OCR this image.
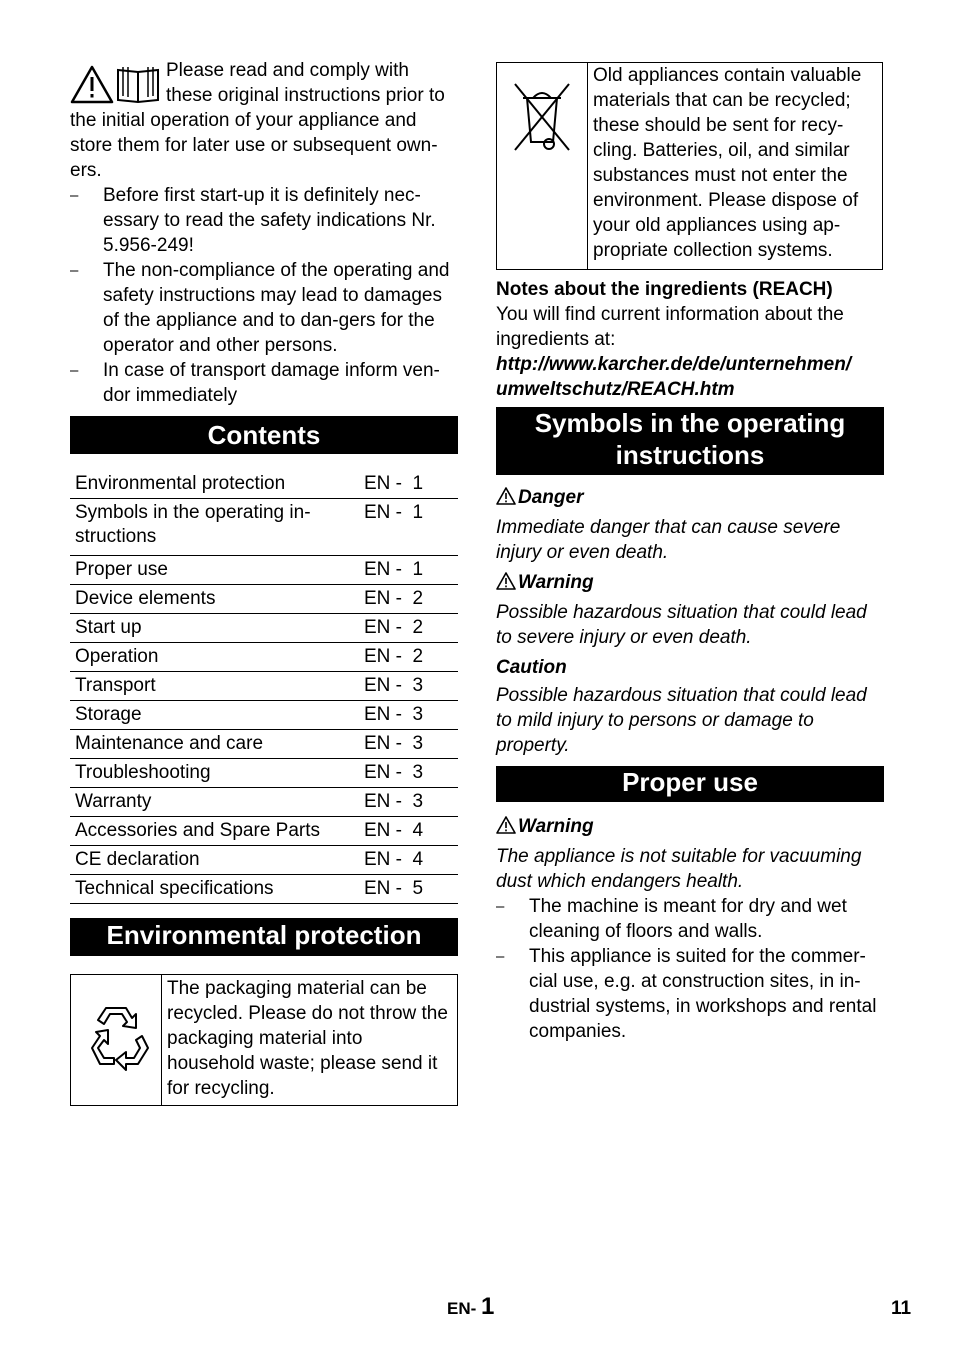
Please read and comply with these original instructions prior to the initial operation of your appliance and store them for later use or subsequent own-ers.

– Before first start-up it is definitely nec-essary to read the safety indications Nr. 5.956-249!
– The non-compliance of the operating and safety instructions may lead to damages of the appliance and to dan-gers for the operator and other persons.
– In case of transport damage inform ven-dor immediately
Contents
Environmental protection	EN -  1
Symbols in the operating in-structions	EN -  1
Proper use	EN -  1
Device elements	EN -  2
Start up	EN -  2
Operation	EN -  2
Transport	EN -  3
Storage	EN -  3
Maintenance and care	EN -  3
Troubleshooting	EN -  3
Warranty	EN -  3
Accessories and Spare Parts	EN -  4
CE declaration	EN -  4
Technical specifications	EN -  5
Environmental protection
	The packaging material can be recycled. Please do not throw the packaging material into household waste; please send it for recycling.
	Old appliances contain valuable materials that can be recycled; these should be sent for recy-cling. Batteries, oil, and similar substances must not enter the environment. Please dispose of your old appliances using ap-propriate collection systems.

Notes about the ingredients (REACH)

You will find current information about the ingredients at:

http://www.karcher.de/de/unternehmen/

umweltschutz/REACH.htm

Symbols in the operating
instructions

Danger

Immediate danger that can cause severe injury or even death.

Warning

Possible hazardous situation that could lead to severe injury or even death.

Caution

Possible hazardous situation that could lead to mild injury to persons or damage to property.

Proper use

Warning

The appliance is not suitable for vacuuming dust which endangers health.

– The machine is meant for dry and wet cleaning of floors and walls.
– This appliance is suited for the commer-cial use, e.g. at construction sites, in in-dustrial systems, in workshops and rental companies.
EN- 1	11
